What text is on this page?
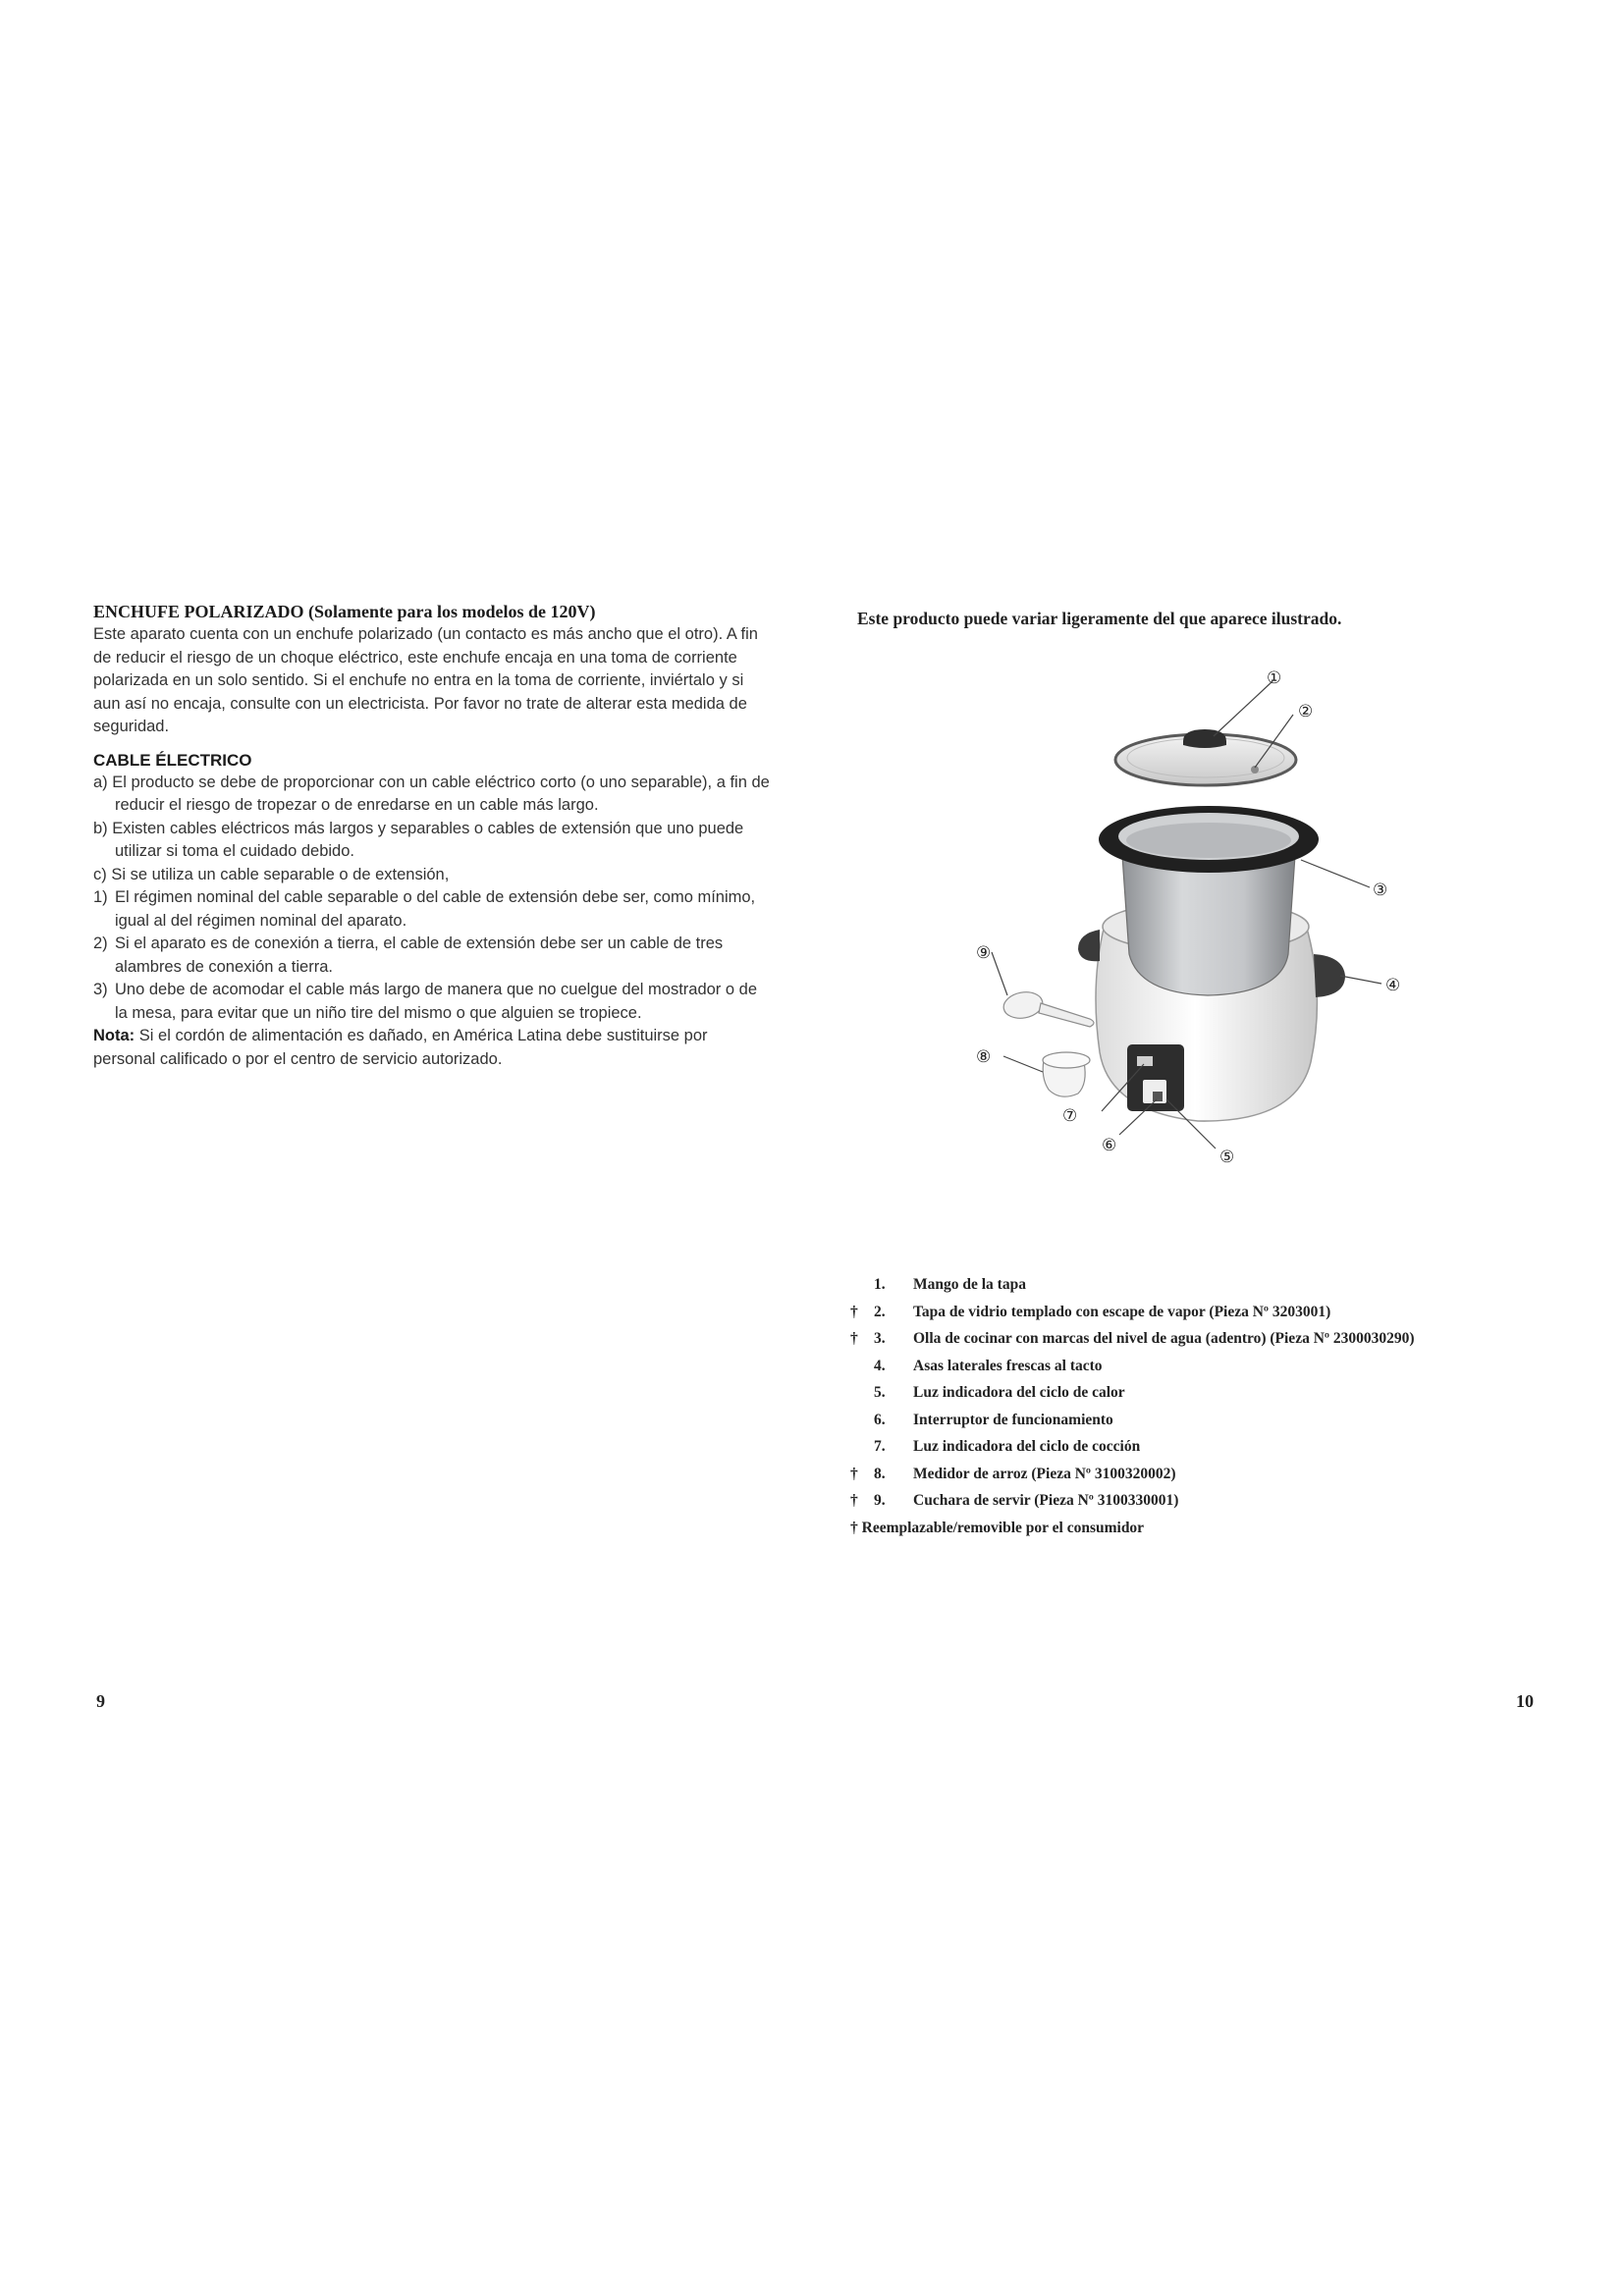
ENCHUFE POLARIZADO (Solamente para los modelos de 120V)

Este aparato cuenta con un enchufe polarizado (un contacto es más ancho que el otro). A fin de reducir el riesgo de un choque eléctrico, este enchufe encaja en una toma de corriente polarizada en un solo sentido. Si el enchufe no entra en la toma de corriente, inviértalo y si aun así no encaja, consulte con un electricista. Por favor no trate de alterar esta medida de seguridad.

CABLE ÉLECTRICO

a) El producto se debe de proporcionar con un cable eléctrico corto (o uno separable), a fin de reducir el riesgo de tropezar o de enredarse en un cable más largo.

b) Existen cables eléctricos más largos y separables o cables de extensión que uno puede utilizar si toma el cuidado debido.

c) Si se utiliza un cable separable o de extensión,

1) El régimen nominal del cable separable o del cable de extensión debe ser, como mínimo, igual al del régimen nominal del aparato.

2) Si el aparato es de conexión a tierra, el cable de extensión debe ser un cable de tres alambres de conexión a tierra.

3) Uno debe de acomodar el cable más largo de manera que no cuelgue del mostrador o de la mesa, para evitar que un niño tire del mismo o que alguien se tropiece.

Nota: Si el cordón de alimentación es dañado, en América Latina debe sustituirse por personal calificado o por el centro de servicio autorizado.

9
Este producto puede variar ligeramente del que aparece ilustrado.
①
②
③
④
⑤
⑥
⑦
⑧
⑨
1.	Mango de la tapa
†	2.	Tapa de vidrio templado con escape de vapor (Pieza Nº 3203001)
†	3.	Olla de cocinar con marcas del nivel de agua (adentro) (Pieza Nº 2300030290)
4.	Asas laterales frescas al tacto
5.	Luz indicadora del ciclo de calor
6.	Interruptor de funcionamiento
7.	Luz indicadora del ciclo de cocción
†	8.	Medidor de arroz (Pieza Nº 3100320002)
†	9.	Cuchara de servir (Pieza Nº 3100330001)
† Reemplazable/removible por el consumidor
10
